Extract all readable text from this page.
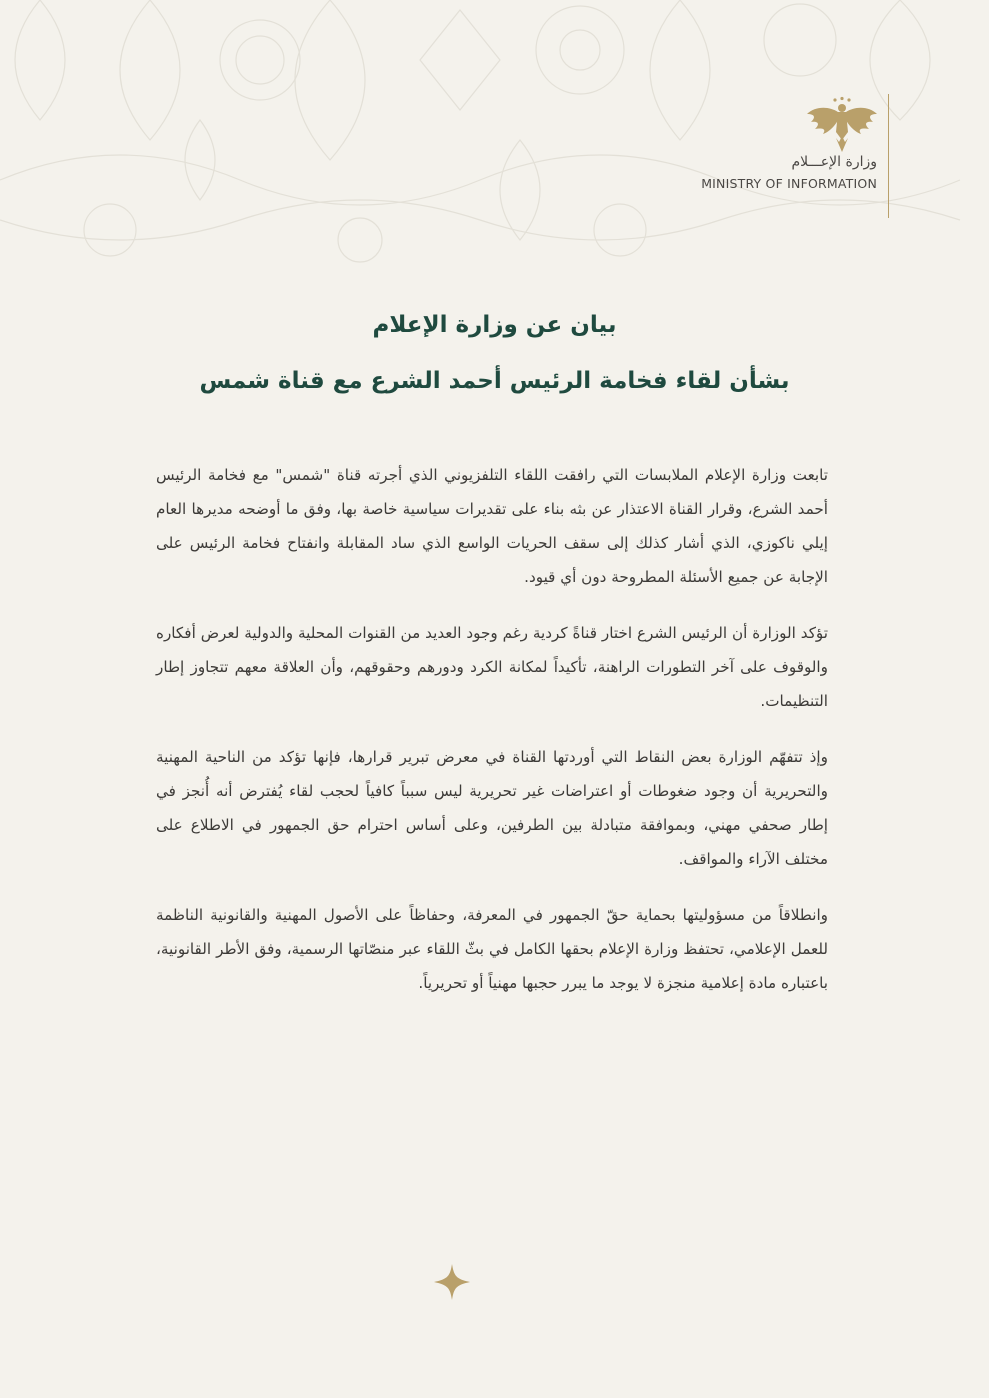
وزارة الإعـــلام
MINISTRY OF INFORMATION
بيان عن وزارة الإعلام
بشأن لقاء فخامة الرئيس أحمد الشرع مع قناة شمس

تابعت وزارة الإعلام الملابسات التي رافقت اللقاء التلفزيوني الذي أجرته قناة "شمس" مع فخامة الرئيس أحمد الشرع، وقرار القناة الاعتذار عن بثه بناء على تقديرات سياسية خاصة بها، وفق ما أوضحه مديرها العام إيلي ناكوزي، الذي أشار كذلك إلى سقف الحريات الواسع الذي ساد المقابلة وانفتاح فخامة الرئيس على الإجابة عن جميع الأسئلة المطروحة دون أي قيود.

تؤكد الوزارة أن الرئيس الشرع اختار قناةً كردية رغم وجود العديد من القنوات المحلية والدولية لعرض أفكاره والوقوف على آخر التطورات الراهنة، تأكيداً لمكانة الكرد ودورهم وحقوقهم، وأن العلاقة معهم تتجاوز إطار التنظيمات.

وإذ تتفهّم الوزارة بعض النقاط التي أوردتها القناة في معرض تبرير قرارها، فإنها تؤكد من الناحية المهنية والتحريرية أن وجود ضغوطات أو اعتراضات غير تحريرية ليس سبباً كافياً لحجب لقاء يُفترض أنه أُنجز في إطار صحفي مهني، وبموافقة متبادلة بين الطرفين، وعلى أساس احترام حق الجمهور في الاطلاع على مختلف الآراء والمواقف.

وانطلاقاً من مسؤوليتها بحماية حقّ الجمهور في المعرفة، وحفاظاً على الأصول المهنية والقانونية الناظمة للعمل الإعلامي، تحتفظ وزارة الإعلام بحقها الكامل في بثّ اللقاء عبر منصّاتها الرسمية، وفق الأطر القانونية، باعتباره مادة إعلامية منجزة لا يوجد ما يبرر حجبها مهنياً أو تحريرياً.
